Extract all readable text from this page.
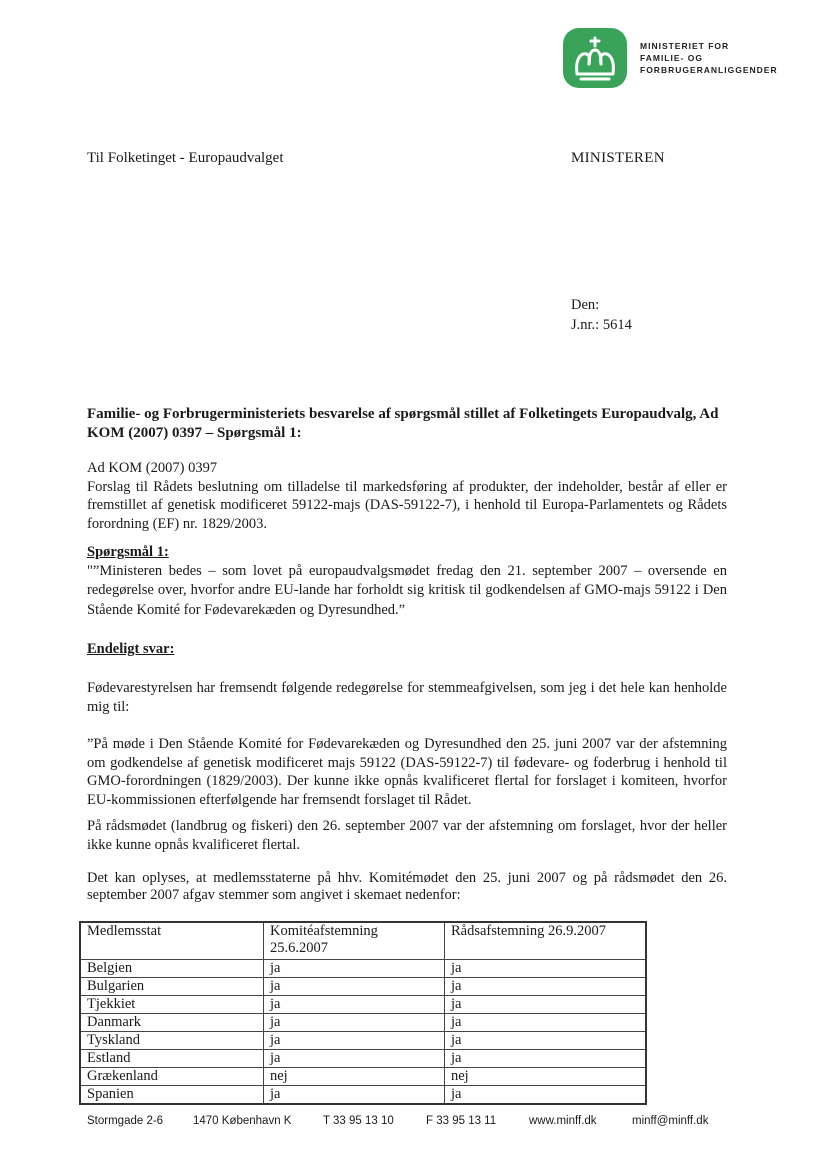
MINISTERIET FOR
FAMILIE- OG
FORBRUGERANLIGGENDER
Til Folketinget - Europaudvalget	MINISTEREN
Den:
J.nr.: 5614
Familie- og Forbrugerministeriets besvarelse af spørgsmål stillet af Folketingets Europaudvalg, Ad KOM (2007) 0397 – Spørgsmål 1:
Ad KOM (2007) 0397
Forslag til Rådets beslutning om tilladelse til markedsføring af produkter, der indeholder, består af eller er fremstillet af genetisk modificeret 59122-majs (DAS-59122-7), i henhold til Europa-Parlamentets og Rådets forordning (EF) nr. 1829/2003.
Spørgsmål 1:
"”Ministeren bedes – som lovet på europaudvalgsmødet fredag den 21. september 2007 – oversende en redegørelse over, hvorfor andre EU-lande har forholdt sig kritisk til godkendelsen af GMO-majs 59122 i Den Stående Komité for Fødevarekæden og Dyresundhed.”
Endeligt svar:
Fødevarestyrelsen har fremsendt følgende redegørelse for stemmeafgivelsen, som jeg i det hele kan henholde mig til:
”På møde i Den Stående Komité for Fødevarekæden og Dyresundhed den 25. juni 2007 var der afstemning om godkendelse af genetisk modificeret majs 59122 (DAS-59122-7) til fødevare- og foderbrug i henhold til GMO-forordningen (1829/2003). Der kunne ikke opnås kvalificeret flertal for forslaget i komiteen, hvorfor EU-kommissionen efterfølgende har fremsendt forslaget til Rådet.
På rådsmødet (landbrug og fiskeri) den 26. september 2007 var der afstemning om forslaget, hvor der heller ikke kunne opnås kvalificeret flertal.
Det kan oplyses, at medlemsstaterne på hhv. Komitémødet den 25. juni 2007 og på rådsmødet den 26. september 2007 afgav stemmer som angivet i skemaet nedenfor:
Medlemsstat	Komitéafstemning 25.6.2007	Rådsafstemning 26.9.2007
Belgien	ja	ja
Bulgarien	ja	ja
Tjekkiet	ja	ja
Danmark	ja	ja
Tyskland	ja	ja
Estland	ja	ja
Grækenland	nej	nej
Spanien	ja	ja
Stormgade 2-6	1470 København K	T 33 95 13 10	F 33 95 13 11	www.minff.dk	minff@minff.dk
